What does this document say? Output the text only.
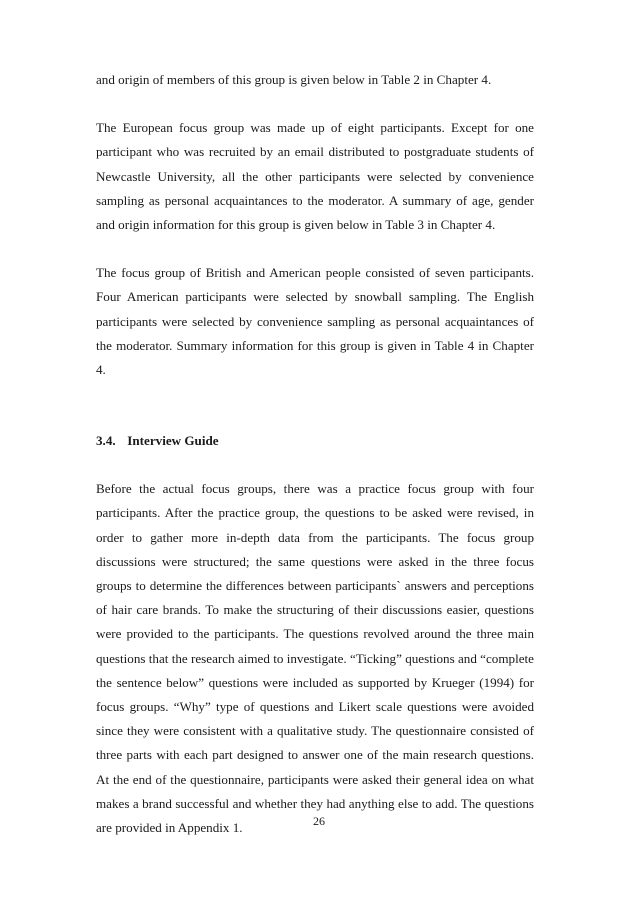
and origin of members of this group is given below in Table 2 in Chapter 4.

The European focus group was made up of eight participants. Except for one participant who was recruited by an email distributed to postgraduate students of Newcastle University, all the other participants were selected by convenience sampling as personal acquaintances to the moderator. A summary of age, gender and origin information for this group is given below in Table 3 in Chapter 4.

The focus group of British and American people consisted of seven participants. Four American participants were selected by snowball sampling. The English participants were selected by convenience sampling as personal acquaintances of the moderator. Summary information for this group is given in Table 4 in Chapter 4.

3.4. Interview Guide

Before the actual focus groups, there was a practice focus group with four participants. After the practice group, the questions to be asked were revised, in order to gather more in-depth data from the participants. The focus group discussions were structured; the same questions were asked in the three focus groups to determine the differences between participants` answers and perceptions of hair care brands. To make the structuring of their discussions easier, questions were provided to the participants. The questions revolved around the three main questions that the research aimed to investigate. “Ticking” questions and “complete the sentence below” questions were included as supported by Krueger (1994) for focus groups. “Why” type of questions and Likert scale questions were avoided since they were consistent with a qualitative study. The questionnaire consisted of three parts with each part designed to answer one of the main research questions. At the end of the questionnaire, participants were asked their general idea on what makes a brand successful and whether they had anything else to add. The questions are provided in Appendix 1.	26
